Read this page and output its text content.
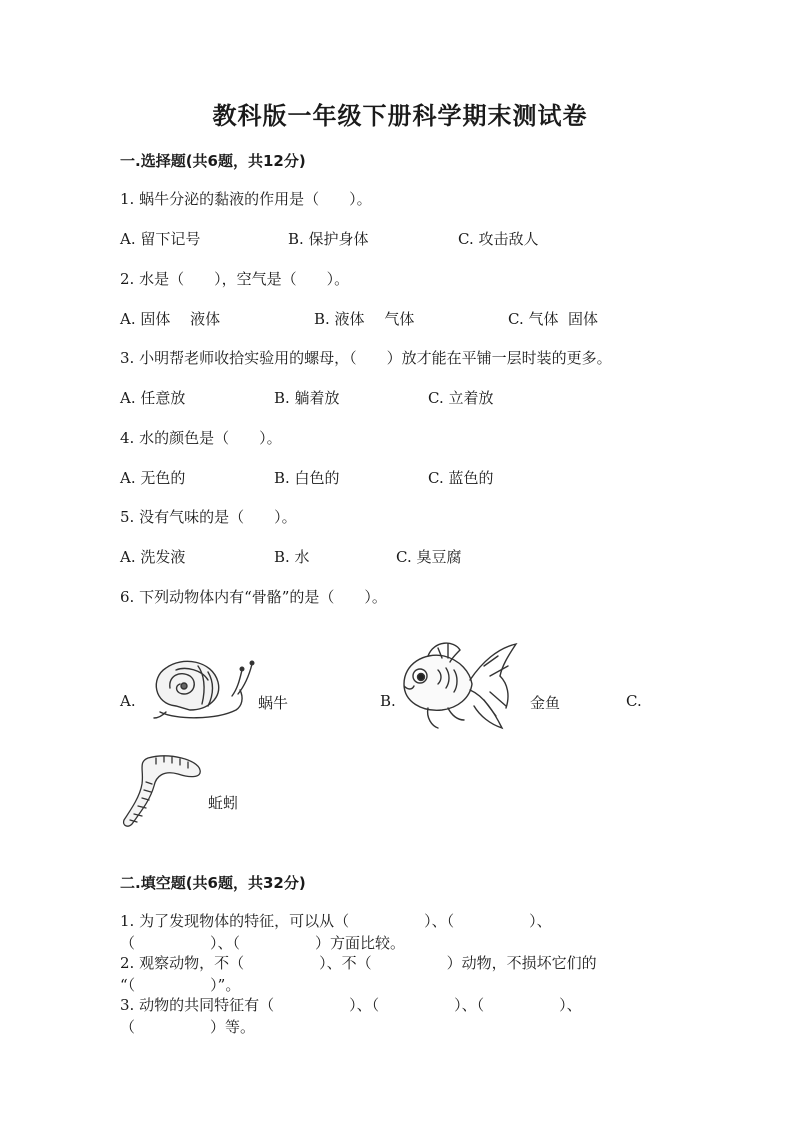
教科版一年级下册科学期末测试卷
一.选择题(共6题，共12分)
1. 蜗牛分泌的黏液的作用是（　　）。
A. 留下记号	B. 保护身体	C. 攻击敌人
2. 水是（　　），空气是（　　）。
A. 固体　 液体	B. 液体　 气体	C. 气体  固体
3. 小明帮老师收拾实验用的螺母，（　　）放才能在平铺一层时装的更多。
A. 任意放	B. 躺着放	C. 立着放
4. 水的颜色是（　　）。
A. 无色的	B. 白色的	C. 蓝色的
5. 没有气味的是（　　）。
A. 洗发液	B. 水	C. 臭豆腐
6. 下列动物体内有“骨骼”的是（　　）。
A.	蜗牛	B.	金鱼	C.
蚯蚓
二.填空题(共6题，共32分)
1. 为了发现物体的特征，可以从（　　　　　）、（　　　　　）、
（　　　　　）、（　　　　　）方面比较。
2. 观察动物，不（　　　　　）、不（　　　　　）动物，不损坏它们的
“（　　　　　）”。
3. 动物的共同特征有（　　　　　）、（　　　　　）、（　　　　　）、
（　　　　　）等。
